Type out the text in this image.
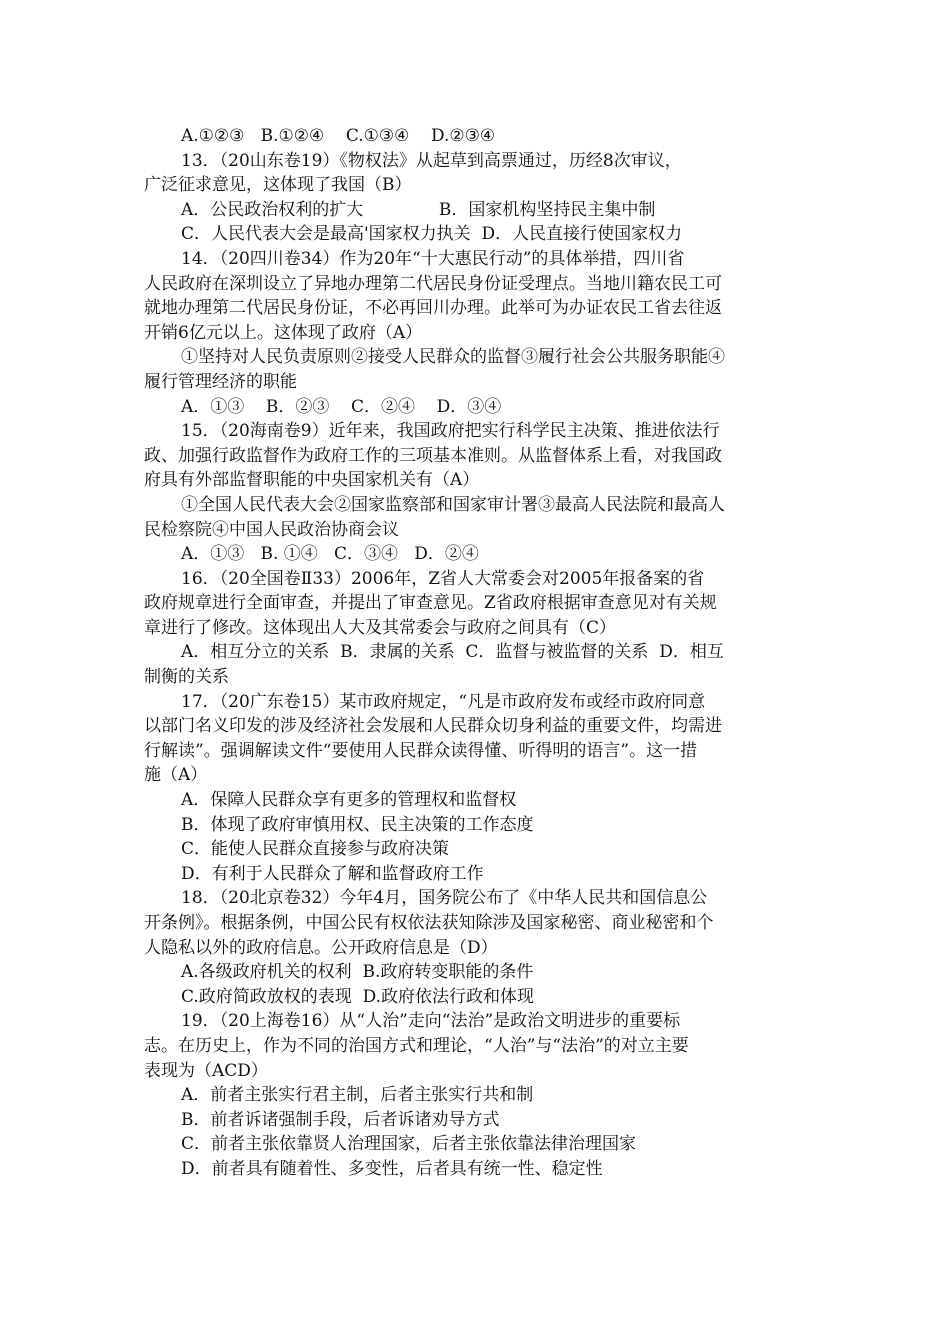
A.①②③   B.①②④    C.①③④    D.②③④
13．（20山东卷19）《物权法》从起草到高票通过，历经8次审议，
广泛征求意见，这体现了我国（B）
A．公民政治权利的扩大              B．国家机构坚持民主集中制
C．人民代表大会是最高'国家权力执关  D．人民直接行使国家权力
14．（20四川卷34）作为20年“十大惠民行动”的具体举措，四川省
人民政府在深圳设立了异地办理第二代居民身份证受理点。当地川籍农民工可
就地办理第二代居民身份证，不必再回川办理。此举可为办证农民工省去往返
开销6亿元以上。这体现了政府（A）
①坚持对人民负责原则②接受人民群众的监督③履行社会公共服务职能④
履行管理经济的职能
A．①③    B．②③    C．②④    D．③④
15．（20海南卷9）近年来，我国政府把实行科学民主决策、推进依法行
政、加强行政监督作为政府工作的三项基本准则。从监督体系上看，对我国政
府具有外部监督职能的中央国家机关有（A）
①全国人民代表大会②国家监察部和国家审计署③最高人民法院和最高人
民检察院④中国人民政治协商会议
A．①③   B. ①④   C．③④   D．②④
16．（20全国卷Ⅱ33）2006年，Z省人大常委会对2005年报备案的省
政府规章进行全面审查，并提出了审查意见。Z省政府根据审查意见对有关规
章进行了修改。这体现出人大及其常委会与政府之间具有（C）
A．相互分立的关系  B．隶属的关系  C．监督与被监督的关系  D．相互
制衡的关系
17．（20广东卷15）某市政府规定，“凡是市政府发布或经市政府同意
以部门名义印发的涉及经济社会发展和人民群众切身利益的重要文件，均需进
行解读”。强调解读文件“要使用人民群众读得懂、听得明的语言”。这一措
施（A）
A．保障人民群众享有更多的管理权和监督权
B．体现了政府审慎用权、民主决策的工作态度
C．能使人民群众直接参与政府决策
D．有利于人民群众了解和监督政府工作
18．（20北京卷32）今年4月，国务院公布了《中华人民共和国信息公
开条例》。根据条例，中国公民有权依法获知除涉及国家秘密、商业秘密和个
人隐私以外的政府信息。公开政府信息是（D）
A.各级政府机关的权利  B.政府转变职能的条件
C.政府简政放权的表现  D.政府依法行政和体现
19．（20上海卷16）从“人治”走向“法治”是政治文明进步的重要标
志。在历史上，作为不同的治国方式和理论，“人治”与“法治”的对立主要
表现为（ACD）
A．前者主张实行君主制，后者主张实行共和制
B．前者诉诸强制手段，后者诉诸劝导方式
C．前者主张依靠贤人治理国家，后者主张依靠法律治理国家
D．前者具有随着性、多变性，后者具有统一性、稳定性
